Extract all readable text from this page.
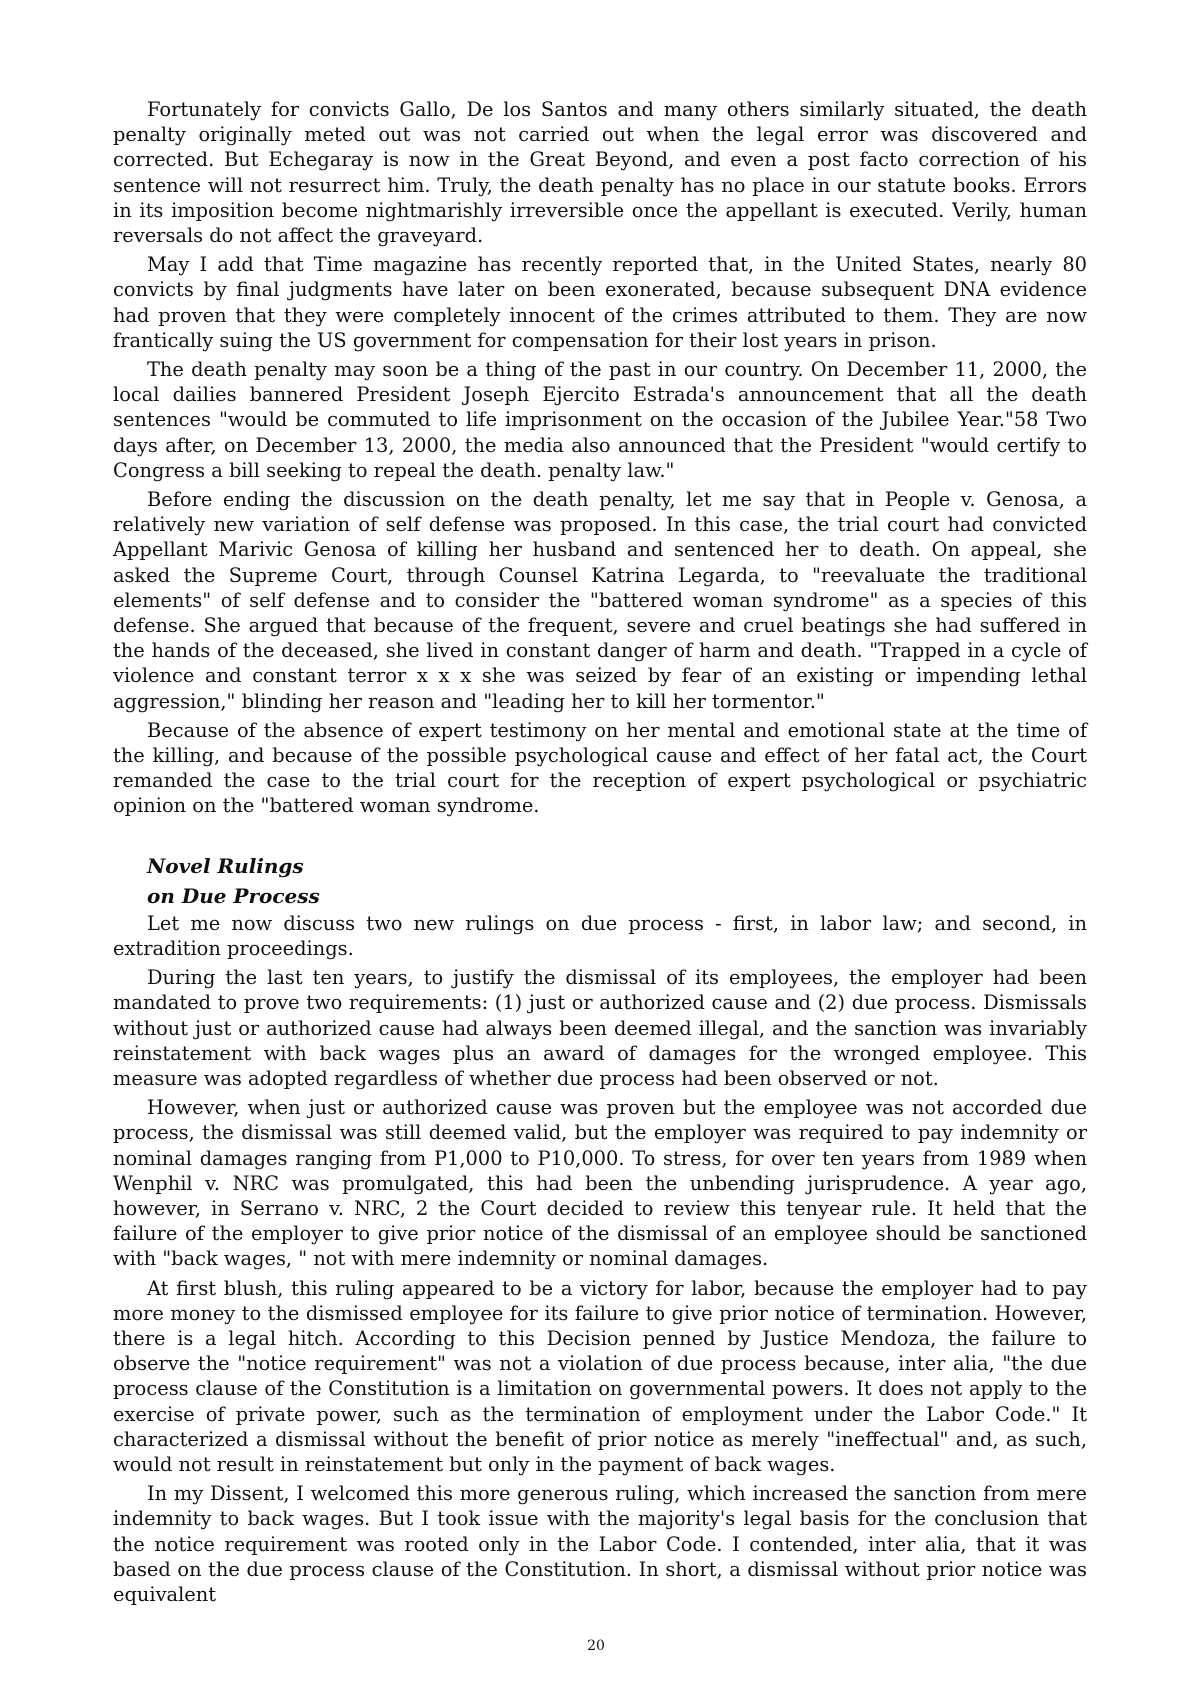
Fortunately for convicts Gallo, De los Santos and many others similarly situated, the death penalty originally meted out was not carried out when the legal error was discovered and corrected. But Echegaray is now in the Great Beyond, and even a post facto correction of his sentence will not resurrect him. Truly, the death penalty has no place in our statute books. Errors in its imposition become nightmarishly irreversible once the appellant is executed. Verily, human reversals do not affect the graveyard.

May I add that Time magazine has recently reported that, in the United States, nearly 80 convicts by final judgments have later on been exonerated, because subsequent DNA evidence had proven that they were completely innocent of the crimes attributed to them. They are now frantically suing the US government for compensation for their lost years in prison.

The death penalty may soon be a thing of the past in our country. On December 11, 2000, the local dailies bannered President Joseph Ejercito Estrada's announcement that all the death sentences "would be commuted to life imprisonment on the occasion of the Jubilee Year."58 Two days after, on December 13, 2000, the media also announced that the President "would certify to Congress a bill seeking to repeal the death. penalty law."

Before ending the discussion on the death penalty, let me say that in People v. Genosa, a relatively new variation of self defense was proposed. In this case, the trial court had convicted Appellant Marivic Genosa of killing her husband and sentenced her to death. On appeal, she asked the Supreme Court, through Counsel Katrina Legarda, to "reevaluate the traditional elements" of self defense and to consider the "battered woman syndrome" as a species of this defense. She argued that because of the frequent, severe and cruel beatings she had suffered in the hands of the deceased, she lived in constant danger of harm and death. "Trapped in a cycle of violence and constant terror x x x she was seized by fear of an existing or impending lethal aggression," blinding her reason and "leading her to kill her tormentor."

Because of the absence of expert testimony on her mental and emotional state at the time of the killing, and because of the possible psychological cause and effect of her fatal act, the Court remanded the case to the trial court for the reception of expert psychological or psychiatric opinion on the "battered woman syndrome.

Novel Rulings
on Due Process

Let me now discuss two new rulings on due process - first, in labor law; and second, in extradition proceedings.

During the last ten years, to justify the dismissal of its employees, the employer had been mandated to prove two requirements: (1) just or authorized cause and (2) due process. Dismissals without just or authorized cause had always been deemed illegal, and the sanction was invariably reinstatement with back wages plus an award of damages for the wronged employee. This measure was adopted regardless of whether due process had been observed or not.

However, when just or authorized cause was proven but the employee was not accorded due process, the dismissal was still deemed valid, but the employer was required to pay indemnity or nominal damages ranging from P1,000 to P10,000. To stress, for over ten years from 1989 when Wenphil v. NRC was promulgated, this had been the unbending jurisprudence. A year ago, however, in Serrano v. NRC, 2 the Court decided to review this tenyear rule. It held that the failure of the employer to give prior notice of the dismissal of an employee should be sanctioned with "back wages, " not with mere indemnity or nominal damages.

At first blush, this ruling appeared to be a victory for labor, because the employer had to pay more money to the dismissed employee for its failure to give prior notice of termination. However, there is a legal hitch. According to this Decision penned by Justice Mendoza, the failure to observe the "notice requirement" was not a violation of due process because, inter alia, "the due process clause of the Constitution is a limitation on governmental powers. It does not apply to the exercise of private power, such as the termination of employment under the Labor Code." It characterized a dismissal without the benefit of prior notice as merely "ineffectual" and, as such, would not result in reinstatement but only in the payment of back wages.

In my Dissent, I welcomed this more generous ruling, which increased the sanction from mere indemnity to back wages. But I took issue with the majority's legal basis for the conclusion that the notice requirement was rooted only in the Labor Code. I contended, inter alia, that it was based on the due process clause of the Constitution. In short, a dismissal without prior notice was equivalent

20
